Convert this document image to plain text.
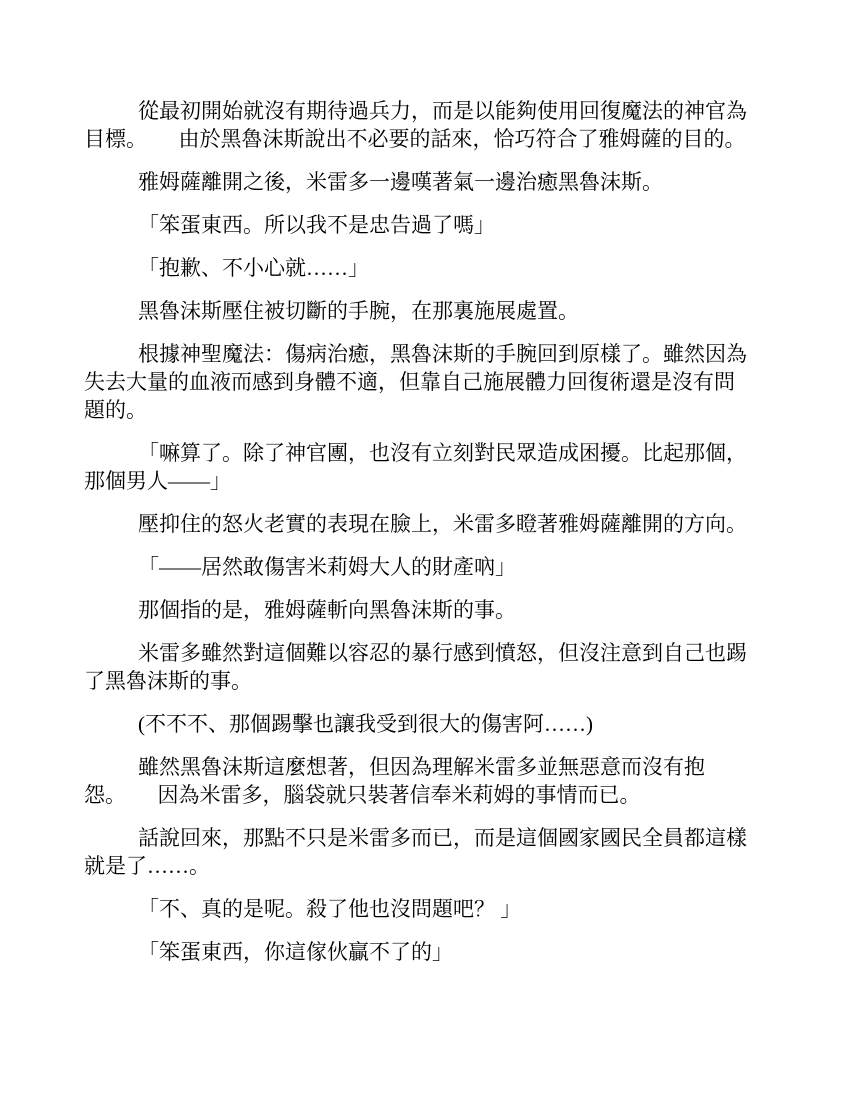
從最初開始就沒有期待過兵力，而是以能夠使用回復魔法的神官為
目標。　　由於黑魯沫斯說出不必要的話來，恰巧符合了雅姆薩的目的。

雅姆薩離開之後，米雷多一邊嘆著氣一邊治癒黑魯沫斯。

「笨蛋東西。所以我不是忠告過了嗎」

「抱歉、不小心就……」

黑魯沫斯壓住被切斷的手腕，在那裏施展處置。

根據神聖魔法：傷病治癒，黑魯沫斯的手腕回到原樣了。雖然因為
失去大量的血液而感到身體不適，但靠自己施展體力回復術還是沒有問
題的。

「嘛算了。除了神官團，也沒有立刻對民眾造成困擾。比起那個，
那個男人——」

壓抑住的怒火老實的表現在臉上，米雷多瞪著雅姆薩離開的方向。

「——居然敢傷害米莉姆大人的財產吶」

那個指的是，雅姆薩斬向黑魯沫斯的事。

米雷多雖然對這個難以容忍的暴行感到憤怒，但沒注意到自己也踢
了黑魯沫斯的事。

(不不不、那個踢擊也讓我受到很大的傷害阿……)

雖然黑魯沫斯這麼想著，但因為理解米雷多並無惡意而沒有抱
怨。　　因為米雷多，腦袋就只裝著信奉米莉姆的事情而已。

話說回來，那點不只是米雷多而已，而是這個國家國民全員都這樣
就是了……。

「不、真的是呢。殺了他也沒問題吧？ 」

「笨蛋東西，你這傢伙贏不了的」
